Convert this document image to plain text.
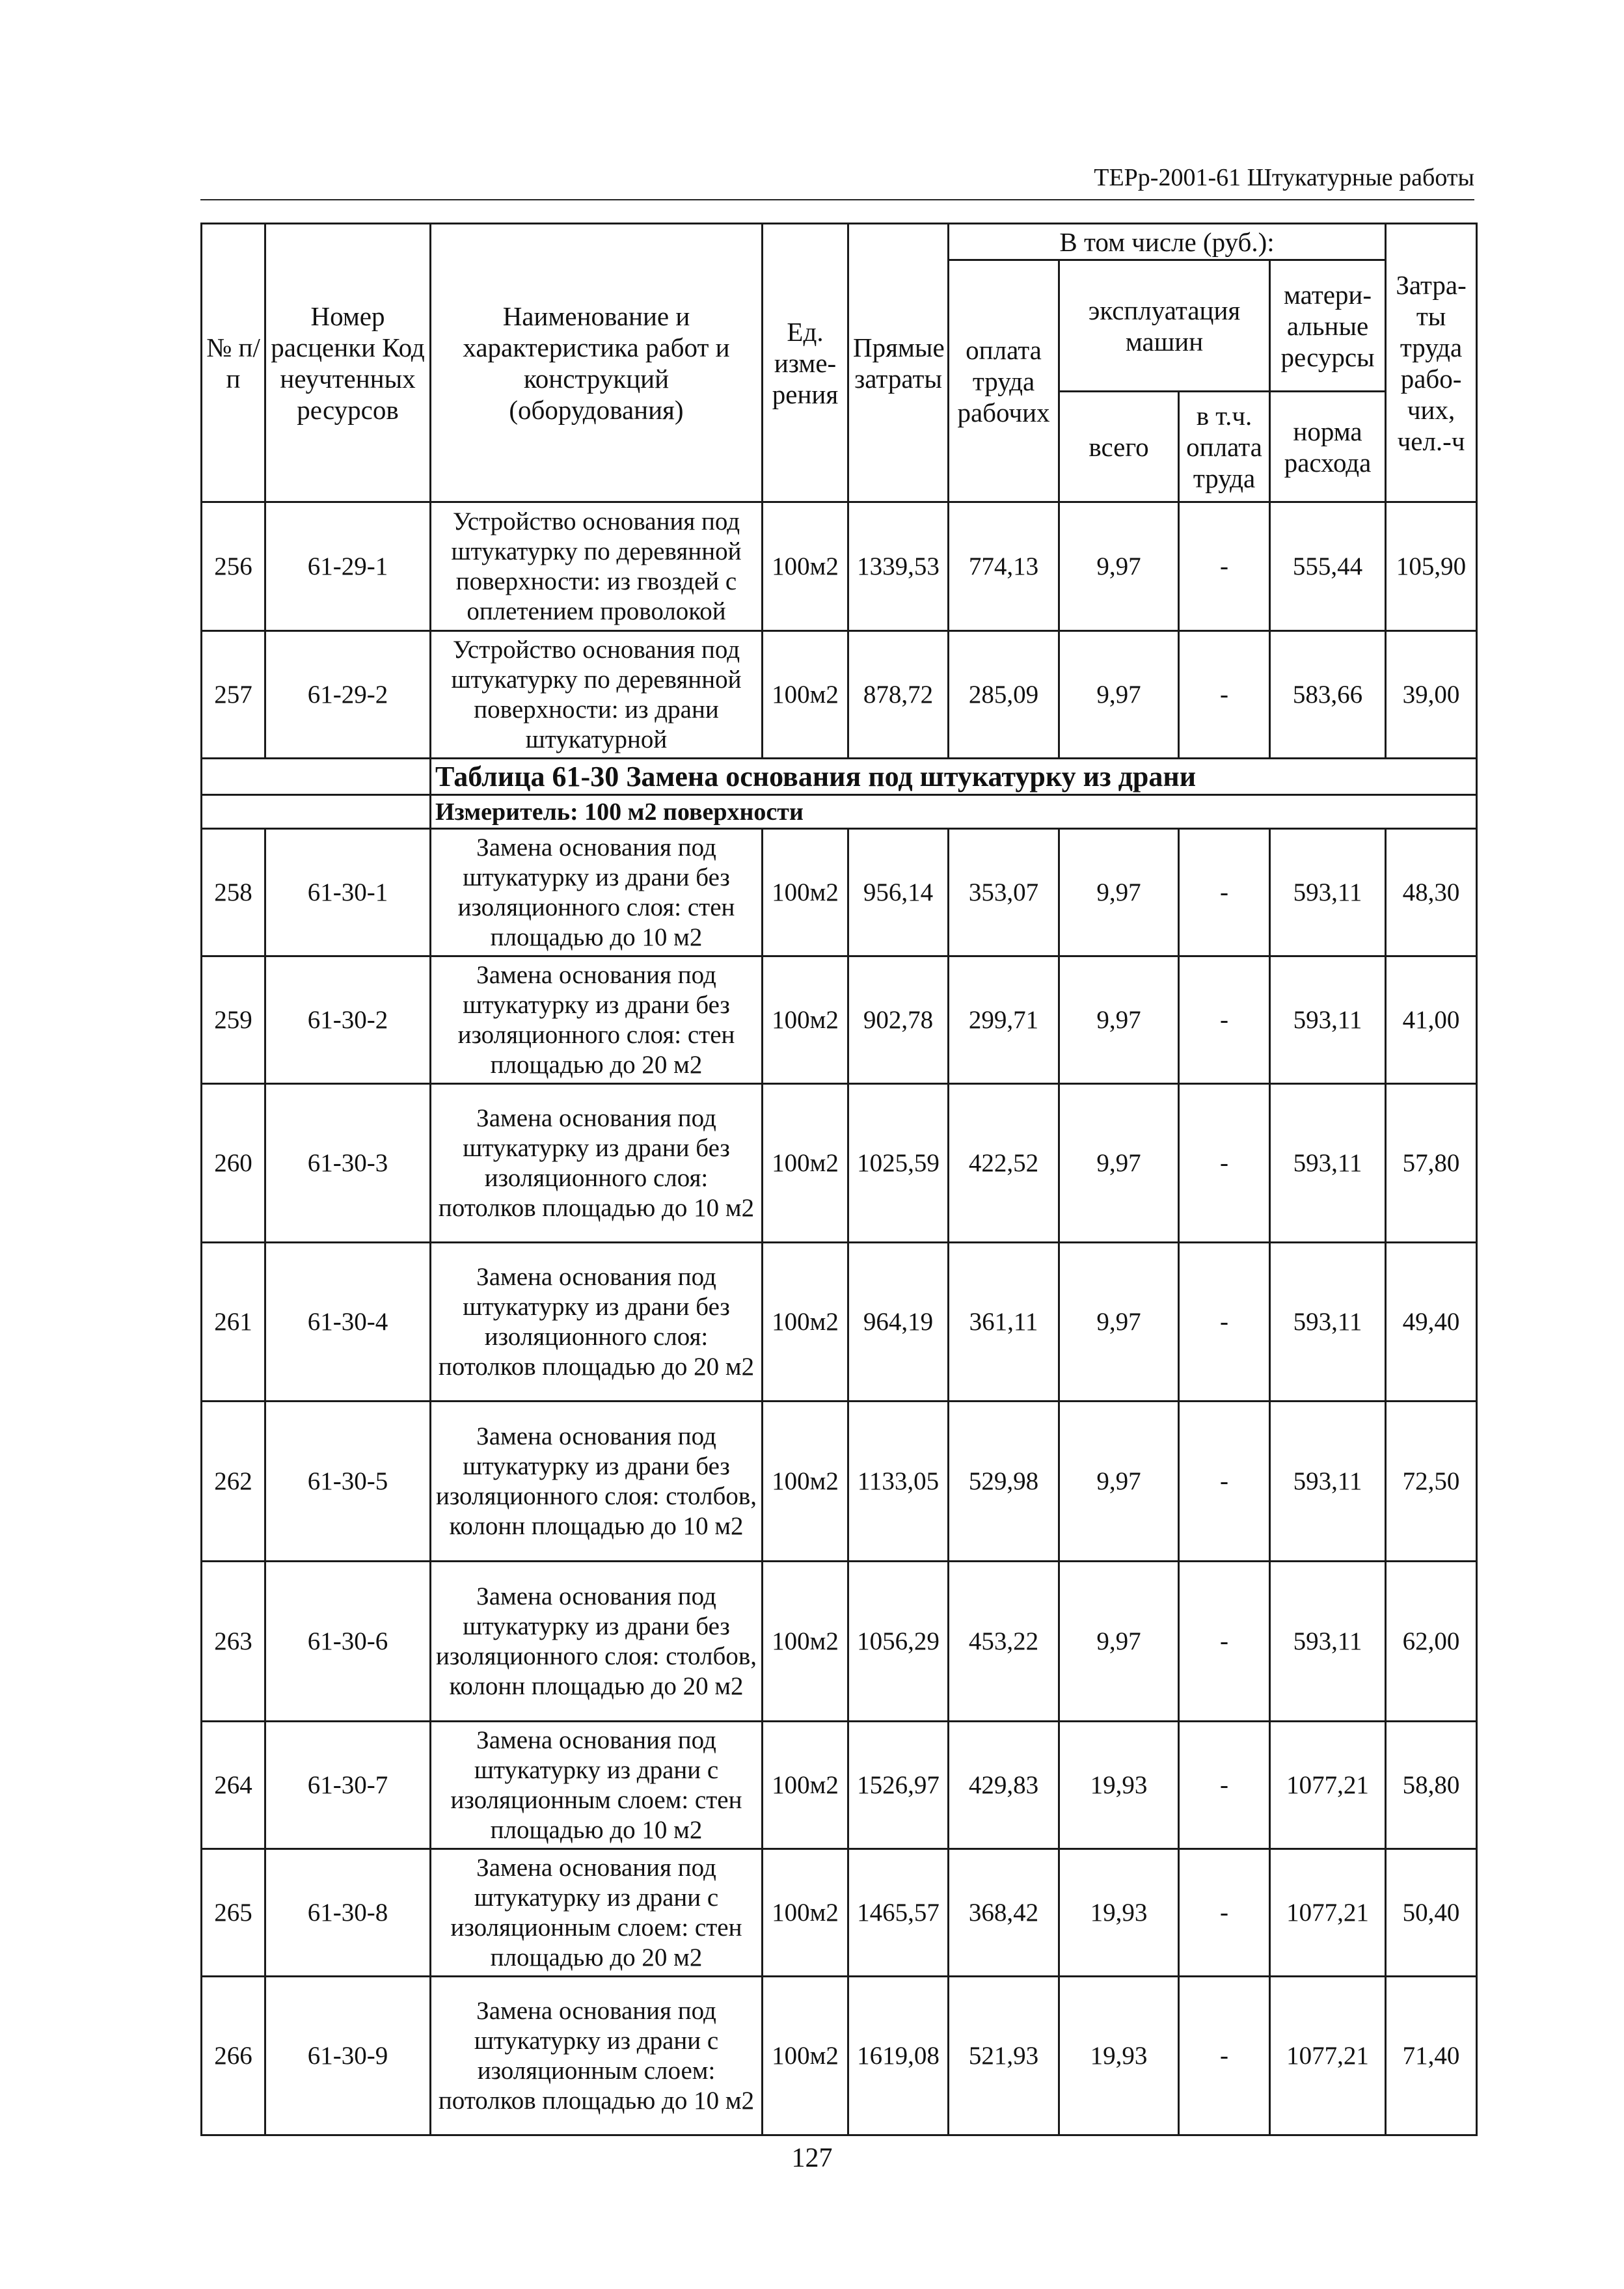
ТЕРр-2001-61 Штукатурные работы
№ п/п	Номер расценки Код неучтенных ресурсов	Наименование и характеристика работ и конструкций (оборудования)	Ед. изме-рения	Прямые затраты	В том числе (руб.):				Затра-ты труда рабо-чих, чел.-ч
					оплата труда рабочих	эксплуатация машин		матери-альные ресурсы	
						всего	в т.ч. оплата труда	норма расхода	
256	61-29-1	Устройство основания под штукатурку по деревянной поверхности: из гвоздей с оплетением проволокой	100м2	1339,53	774,13	9,97	-	555,44	105,90
257	61-29-2	Устройство основания под штукатурку по деревянной поверхности: из драни штукатурной	100м2	878,72	285,09	9,97	-	583,66	39,00
		Таблица 61-30 Замена основания под штукатурку из драни							
		Измеритель: 100 м2 поверхности							
258	61-30-1	Замена основания под штукатурку из драни без изоляционного слоя: стен площадью до 10 м2	100м2	956,14	353,07	9,97	-	593,11	48,30
259	61-30-2	Замена основания под штукатурку из драни без изоляционного слоя: стен площадью до 20 м2	100м2	902,78	299,71	9,97	-	593,11	41,00
260	61-30-3	Замена основания под штукатурку из драни без изоляционного слоя: потолков площадью до 10 м2	100м2	1025,59	422,52	9,97	-	593,11	57,80
261	61-30-4	Замена основания под штукатурку из драни без изоляционного слоя: потолков площадью до 20 м2	100м2	964,19	361,11	9,97	-	593,11	49,40
262	61-30-5	Замена основания под штукатурку из драни без изоляционного слоя: столбов, колонн площадью до 10 м2	100м2	1133,05	529,98	9,97	-	593,11	72,50
263	61-30-6	Замена основания под штукатурку из драни без изоляционного слоя: столбов, колонн площадью до 20 м2	100м2	1056,29	453,22	9,97	-	593,11	62,00
264	61-30-7	Замена основания под штукатурку из драни с изоляционным слоем: стен площадью до 10 м2	100м2	1526,97	429,83	19,93	-	1077,21	58,80
265	61-30-8	Замена основания под штукатурку из драни с изоляционным слоем: стен площадью до 20 м2	100м2	1465,57	368,42	19,93	-	1077,21	50,40
266	61-30-9	Замена основания под штукатурку из драни с изоляционным слоем: потолков площадью до 10 м2	100м2	1619,08	521,93	19,93	-	1077,21	71,40
127
